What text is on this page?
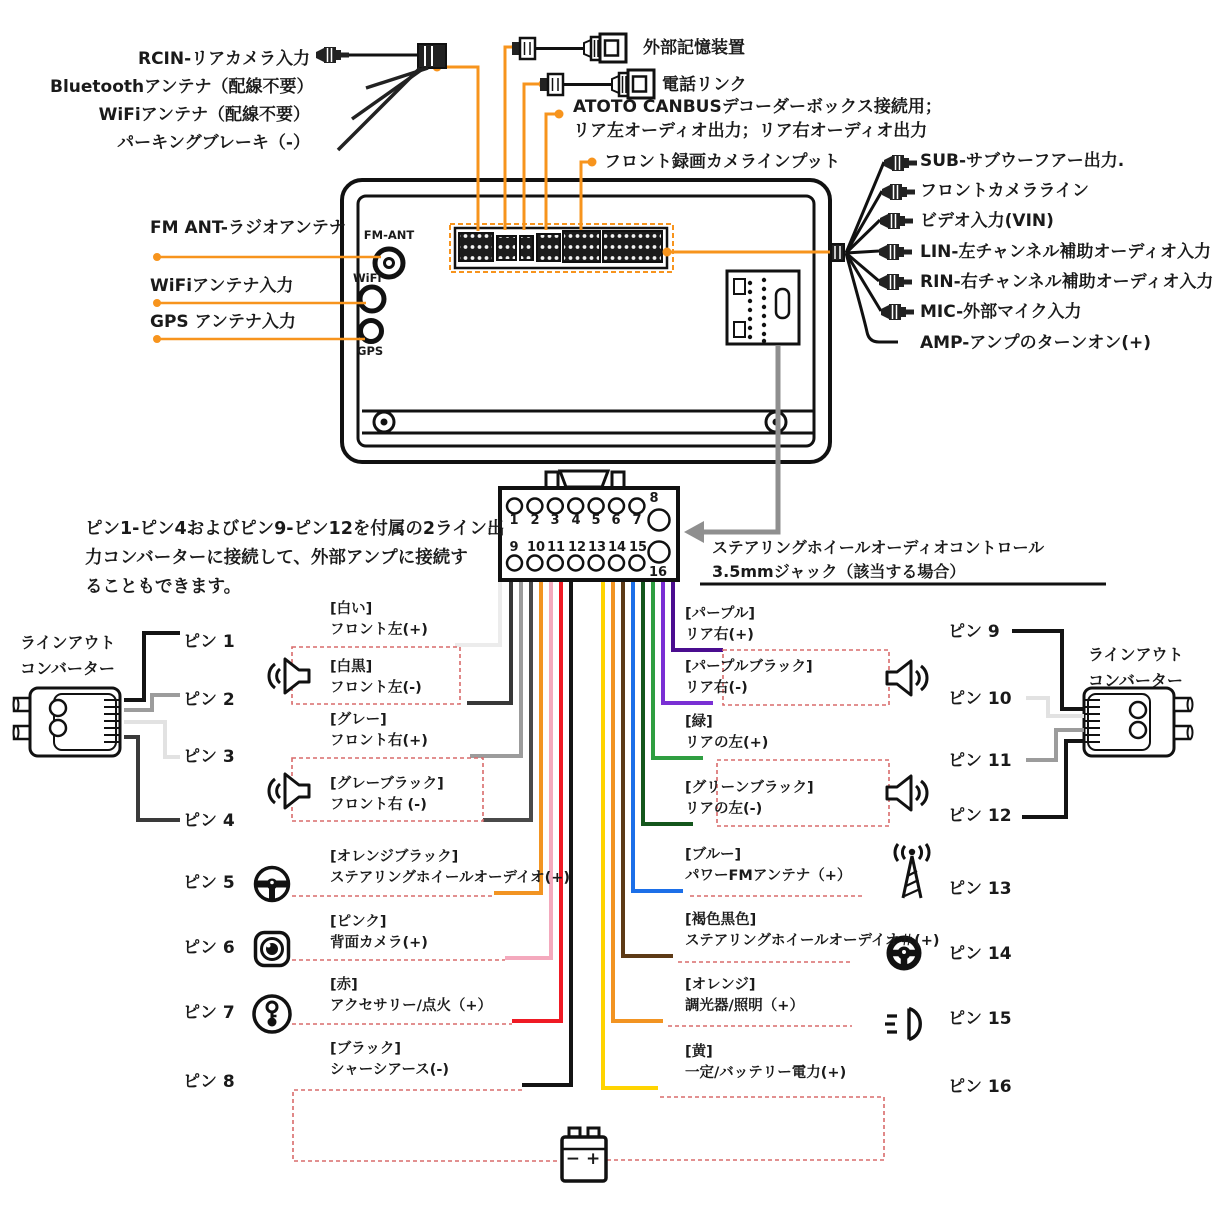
RCIN-リアカメラ入力
Bluetoothアンテナ（配線不要）
WiFiアンテナ（配線不要）
パーキングブレーキ（-）
外部記憶装置
電話リンク
ATOTO CANBUSデコーダーボックス接続用；
リア左オーディオ出力；リア右オーディオ出力
フロント録画カメラインプット	SUB-サブウーフアー出力.
フロントカメラライン
ビデオ入力(VIN)
LIN-左チャンネル補助オーディオ入力
RIN-右チャンネル補助オーディオ入力
MIC-外部マイク入力
AMP-アンプのターンオン(+)
FM ANT-ラジオアンテナ
WiFiアンテナ入力
GPS アンテナ入力
FM-ANT
WiFi
GPS
ピン1-ピン4およびピン9-ピン12を付属の2ライン出
力コンバーターに接続して、外部アンプに接続す
ることもできます。
ステアリングホイールオーディオコントロール
3.5mmジャック（該当する場合）
1 2 3 4 5 6 7
8
9 10 11 12 13 14 15
16
ラインアウト
コンバーター
ラインアウト
コンバーター
ピン 1
ピン 2
ピン 3
ピン 4
ピン 5
ピン 6
ピン 7
ピン 8
ピン 9
ピン 10
ピン 11
ピン 12
ピン 13
ピン 14
ピン 15
ピン 16
[白い]
フロント左(+)
[白黒]
フロント左(-)
[グレー]
フロント右(+)
[グレーブラック]
フロント右 (-)
[オレンジブラック]
ステアリングホイールオーデイオ(+)
[ピンク]
背面カメラ(+)
[赤]
アクセサリー/点火（+）
[ブラック]
シャーシアース(-)
[パープル]
リア右(+)
[パープルブラック]
リア右(-)
[緑]
リアの左(+)
[グリーンブラック]
リアの左(-)
[ブルー]
パワーFMアンテナ（+）
[褐色黒色]
ステアリングホイールオーデイオ＃(+)
[オレンジ]
調光器/照明（+）
[黄]
一定/バッテリー電力(+)
− +
